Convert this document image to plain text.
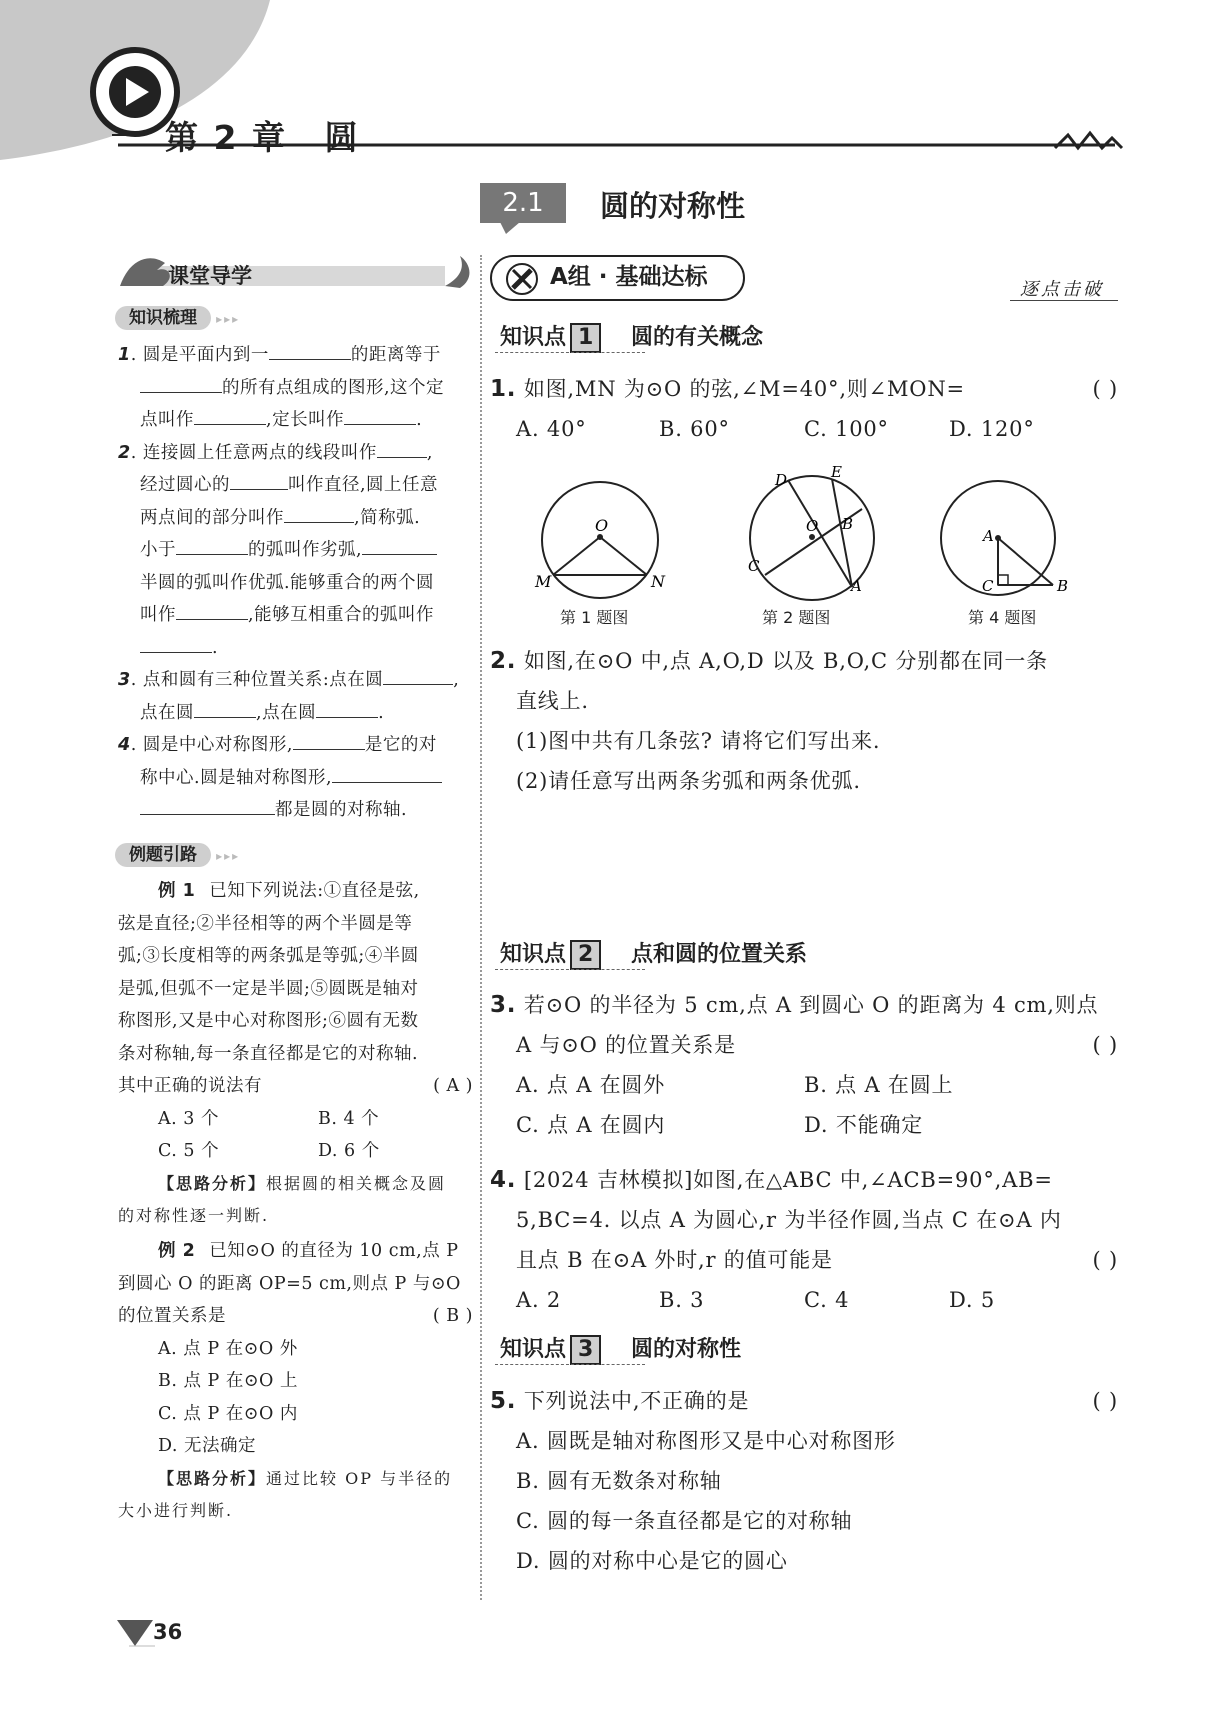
第 2 章 圆
2.1	圆的对称性
课堂导学
知识梳理 ▸▸▸

1. 圆是平面内到一	的距离等于

的所有点组成的图形,这个定

点叫作	,定长叫作	.

2. 连接圆上任意两点的线段叫作	,

经过圆心的	叫作直径,圆上任意

两点间的部分叫作	,简称弧.

小于	的弧叫作劣弧,

半圆的弧叫作优弧.能够重合的两个圆

叫作	,能够互相重合的弧叫作

.

3. 点和圆有三种位置关系:点在圆	,

点在圆	,点在圆	.

4. 圆是中心对称图形,	是它的对

称中心.圆是轴对称图形,

都是圆的对称轴.

例题引路 ▸▸▸

例 1 已知下列说法:①直径是弦,

弦是直径;②半径相等的两个半圆是等

弧;③长度相等的两条弧是等弧;④半圆

是弧,但弧不一定是半圆;⑤圆既是轴对

称图形,又是中心对称图形;⑥圆有无数

条对称轴,每一条直径都是它的对称轴.

其中正确的说法有	( A )

A. 3 个	B. 4 个

C. 5 个	D. 6 个

【思路分析】根据圆的相关概念及圆

的对称性逐一判断.

例 2 已知⊙O 的直径为 10 cm,点 P

到圆心 O 的距离 OP=5 cm,则点 P 与⊙O

的位置关系是	( B )

A. 点 P 在⊙O 外

B. 点 P 在⊙O 上

C. 点 P 在⊙O 内

D. 无法确定

【思路分析】通过比较 OP 与半径的

大小进行判断.

A组 · 基础达标	逐点击破
知识点 1 圆的有关概念

1. 如图,MN 为⊙O 的弦,∠M=40°,则∠MON=	( )

A. 40°	B. 60°	C. 100°	D. 120°

O
M	N
第 1 题图
D	E
O B
C
A
第 2 题图
A
C	B
第 4 题图

2. 如图,在⊙O 中,点 A,O,D 以及 B,O,C 分别都在同一条

直线上.

(1)图中共有几条弦? 请将它们写出来.

(2)请任意写出两条劣弧和两条优弧.

知识点 2 点和圆的位置关系

3. 若⊙O 的半径为 5 cm,点 A 到圆心 O 的距离为 4 cm,则点

A 与⊙O 的位置关系是	( )

A. 点 A 在圆外	B. 点 A 在圆上

C. 点 A 在圆内	D. 不能确定

4. [2024 吉林模拟]如图,在△ABC 中,∠ACB=90°,AB=

5,BC=4. 以点 A 为圆心,r 为半径作圆,当点 C 在⊙A 内

且点 B 在⊙A 外时,r 的值可能是	( )

A. 2	B. 3	C. 4	D. 5

知识点 3 圆的对称性

5. 下列说法中,不正确的是	( )

A. 圆既是轴对称图形又是中心对称图形

B. 圆有无数条对称轴

C. 圆的每一条直径都是它的对称轴

D. 圆的对称中心是它的圆心

36
